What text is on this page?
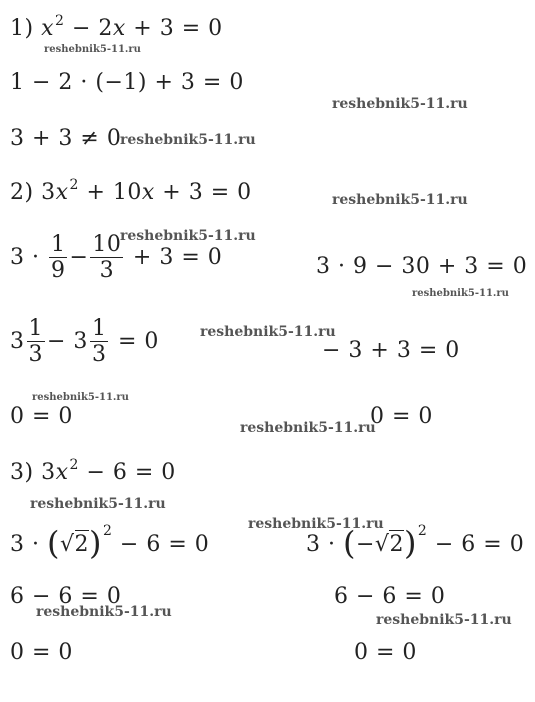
1) $x^2 - 2x + 3 = 0$
reshebnik5-11.ru
1 − 2 · (−1) + 3 = 0
reshebnik5-11.ru
3 + 3 ≠ 0
reshebnik5-11.ru
2) $3x^2 + 10x + 3 = 0$	reshebnik5-11.ru
$3 \cdot \frac{1}{9} - \frac{10}{3} + 3 = 0$
reshebnik5-11.ru
3 · 9 − 30 + 3 = 0
reshebnik5-11.ru
$3 \frac{1}{3} - 3 \frac{1}{3} = 0$	reshebnik5-11.ru
− 3 + 3 = 0
reshebnik5-11.ru
0 = 0	0 = 0
reshebnik5-11.ru
3) $3x^2 - 6 = 0$
reshebnik5-11.ru
$3 \cdot (√2)^2 - 6 = 0$
reshebnik5-11.ru
$3 \cdot (-√2)^2 - 6 = 0$
6 − 6 = 0
reshebnik5-11.ru
6 − 6 = 0
reshebnik5-11.ru
0 = 0	0 = 0
